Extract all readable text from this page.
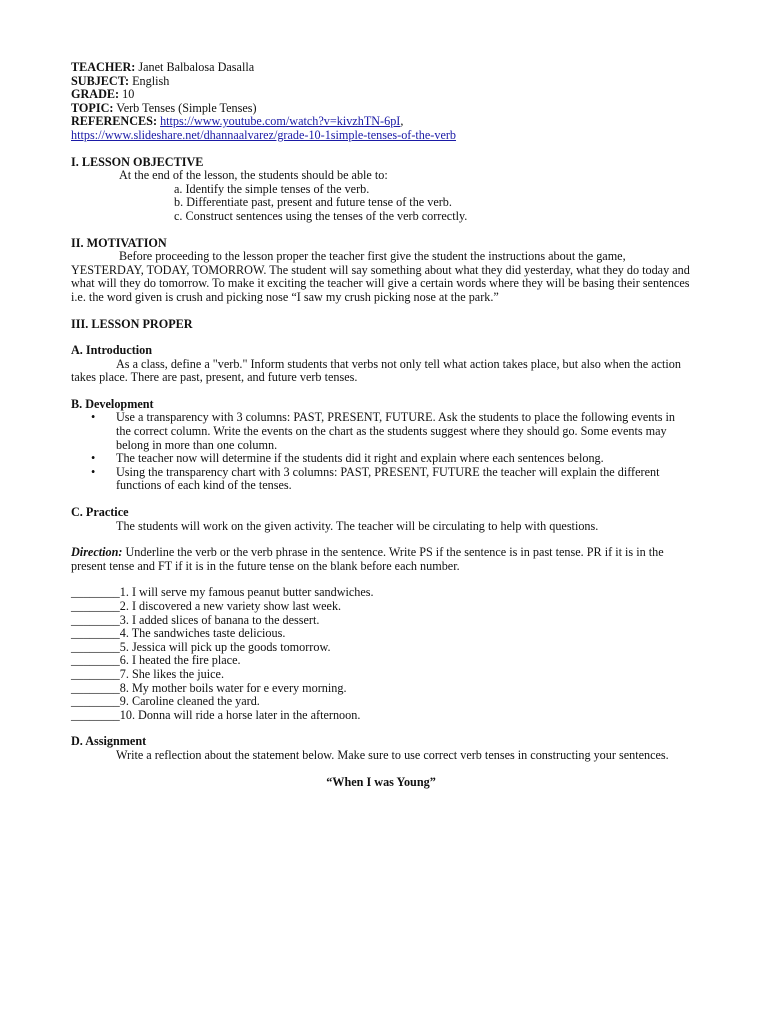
TEACHER: Janet Balbalosa Dasalla
SUBJECT: English
GRADE: 10
TOPIC: Verb Tenses (Simple Tenses)
REFERENCES: https://www.youtube.com/watch?v=kivzhTN-6pI,
https://www.slideshare.net/dhannaalvarez/grade-10-1simple-tenses-of-the-verb
I. LESSON OBJECTIVE
At the end of the lesson, the students should be able to:
a. Identify the simple tenses of the verb.
b. Differentiate past, present and future tense of the verb.
c. Construct sentences using the tenses of the verb correctly.
II. MOTIVATION

Before proceeding to the lesson proper the teacher first give the student the instructions about the game, YESTERDAY, TODAY, TOMORROW. The student will say something about what they did yesterday, what they do today and what will they do tomorrow. To make it exciting the teacher will give a certain words where they will be basing their sentences i.e. the word given is crush and picking nose “I saw my crush picking nose at the park.”

III. LESSON PROPER
A. Introduction

As a class, define a "verb." Inform students that verbs not only tell what action takes place, but also when the action takes place. There are past, present, and future verb tenses.

B. Development
• Use a transparency with 3 columns: PAST, PRESENT, FUTURE. Ask the students to place the following events in the correct column. Write the events on the chart as the students suggest where they should go. Some events may belong in more than one column.
• The teacher now will determine if the students did it right and explain where each sentences belong.
• Using the transparency chart with 3 columns: PAST, PRESENT, FUTURE the teacher will explain the different functions of each kind of the tenses.
C. Practice
The students will work on the given activity. The teacher will be circulating to help with questions.

Direction: Underline the verb or the verb phrase in the sentence. Write PS if the sentence is in past tense. PR if it is in the present tense and FT if it is in the future tense on the blank before each number.

________1. I will serve my famous peanut butter sandwiches.
________2. I discovered a new variety show last week.
________3. I added slices of banana to the dessert.
________4. The sandwiches taste delicious.
________5. Jessica will pick up the goods tomorrow.
________6. I heated the fire place.
________7. She likes the juice.
________8. My mother boils water for e every morning.
________9. Caroline cleaned the yard.
________10. Donna will ride a horse later in the afternoon.
D. Assignment

Write a reflection about the statement below. Make sure to use correct verb tenses in constructing your sentences.

“When I was Young”
